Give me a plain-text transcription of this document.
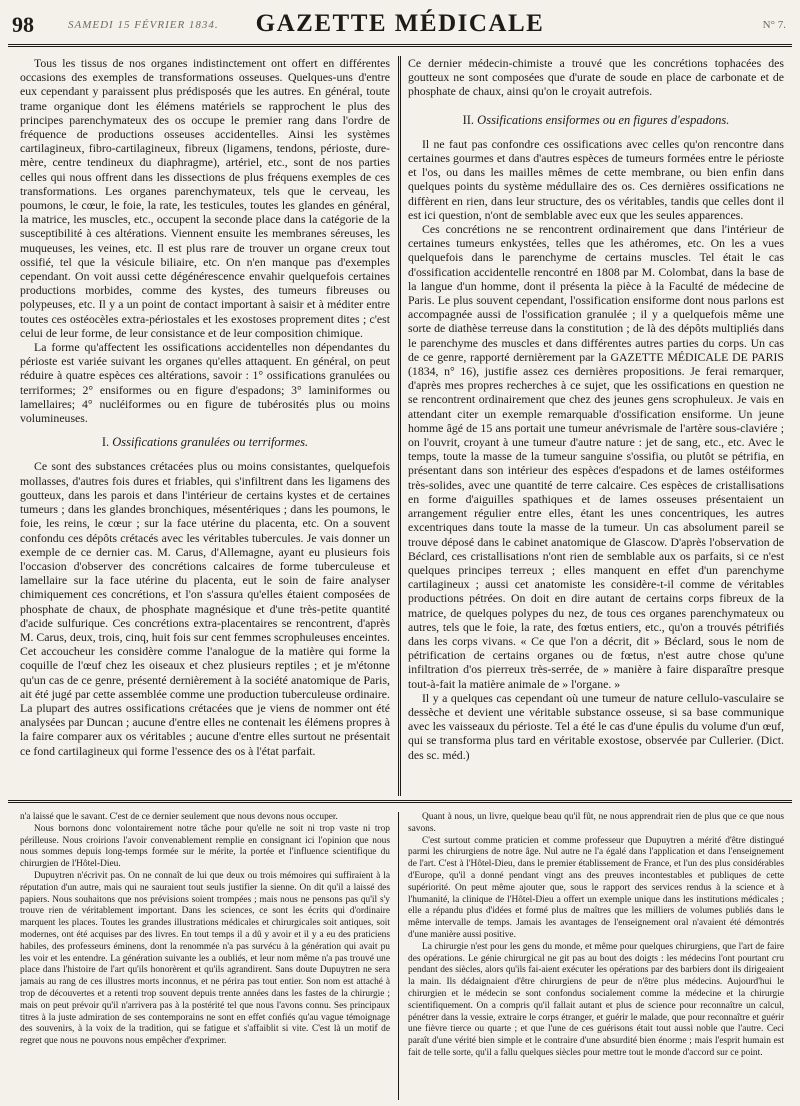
98	SAMEDI 15 FÉVRIER 1834.	GAZETTE MÉDICALE	N° 7.

Tous les tissus de nos organes indistinctement ont offert en différentes occasions des exemples de transformations osseuses. Quelques-uns d'entre eux cependant y paraissent plus prédisposés que les autres. En général, toute trame organique dont les élémens matériels se rapprochent le plus des principes parenchymateux des os occupe le premier rang dans l'ordre de fréquence de productions osseuses accidentelles. Ainsi les systèmes cartilagineux, fibro-cartilagineux, fibreux (ligamens, tendons, périoste, dure-mère, centre tendineux du diaphragme), artériel, etc., sont de nos parties celles qui nous offrent dans les dissections de plus fréquens exemples de ces transformations. Les organes parenchymateux, tels que le cerveau, les poumons, le cœur, le foie, la rate, les testicules, toutes les glandes en général, la matrice, les muscles, etc., occupent la seconde place dans la catégorie de la susceptibilité à ces altérations. Viennent ensuite les membranes séreuses, les muqueuses, les veines, etc. Il est plus rare de trouver un organe creux tout ossifié, tel que la vésicule biliaire, etc. On n'en manque pas d'exemples cependant. On voit aussi cette dégénérescence envahir quelquefois certaines productions morbides, comme des kystes, des tumeurs fibreuses ou polypeuses, etc. Il y a un point de contact important à saisir et à méditer entre toutes ces ostéocèles extra-périostales et les exostoses proprement dites ; c'est celui de leur forme, de leur consistance et de leur composition chimique.

La forme qu'affectent les ossifications accidentelles non dépendantes du périoste est variée suivant les organes qu'elles attaquent. En général, on peut réduire à quatre espèces ces altérations, savoir : 1° ossifications granulées ou terriformes; 2° ensiformes ou en figure d'espadons; 3° laminiformes ou lamellaires; 4° nucléiformes ou en figure de tubérosités plus ou moins volumineuses.

I. Ossifications granulées ou terriformes.

Ce sont des substances crétacées plus ou moins consistantes, quelquefois mollasses, d'autres fois dures et friables, qui s'infiltrent dans les ligamens des goutteux, dans les parois et dans l'intérieur de certains kystes et de certaines tumeurs ; dans les glandes bronchiques, mésentériques ; dans les poumons, le foie, les reins, le cœur ; sur la face utérine du placenta, etc. On a souvent confondu ces dépôts crétacés avec les véritables tubercules. Je vais donner un exemple de ce dernier cas. M. Carus, d'Allemagne, ayant eu plusieurs fois l'occasion d'observer des concrétions calcaires de forme tuberculeuse et lamellaire sur la face utérine du placenta, eut le soin de faire analyser chimiquement ces concrétions, et l'on s'assura qu'elles étaient composées de phosphate de chaux, de phosphate magnésique et d'une très-petite quantité d'acide sulfurique. Ces concrétions extra-placentaires se rencontrent, d'après M. Carus, deux, trois, cinq, huit fois sur cent femmes scrophuleuses enceintes. Cet accoucheur les considère comme l'analogue de la matière qui forme la coquille de l'œuf chez les oiseaux et chez plusieurs reptiles ; et je m'étonne qu'un cas de ce genre, présenté dernièrement à la société anatomique de Paris, ait été jugé par cette assemblée comme une production tuberculeuse ordinaire. La plupart des autres ossifications crétacées que je viens de nommer ont été analysées par Duncan ; aucune d'entre elles ne contenait les élémens propres à la faire comparer aux os véritables ; aucune d'entre elles surtout ne présentait ce fond cartilagineux qui forme l'essence des os à l'état parfait.

Ce dernier médecin-chimiste a trouvé que les concrétions tophacées des goutteux ne sont composées que d'urate de soude en place de carbonate et de phosphate de chaux, ainsi qu'on le croyait autrefois.

II. Ossifications ensiformes ou en figures d'espadons.

Il ne faut pas confondre ces ossifications avec celles qu'on rencontre dans certaines gourmes et dans d'autres espèces de tumeurs formées entre le périoste et l'os, ou dans les mailles mêmes de cette membrane, ou bien enfin dans quelques points du système médullaire des os. Ces dernières ossifications ne diffèrent en rien, dans leur structure, des os véritables, tandis que celles dont il est ici question, n'ont de semblable avec eux que les seules apparences.

Ces concrétions ne se rencontrent ordinairement que dans l'intérieur de certaines tumeurs enkystées, telles que les athéromes, etc. On les a vues quelquefois dans le parenchyme de certains muscles. Tel était le cas d'ossification accidentelle rencontré en 1808 par M. Colombat, dans la base de la langue d'un homme, dont il présenta la pièce à la Faculté de médecine de Paris. Le plus souvent cependant, l'ossification ensiforme dont nous parlons est accompagnée aussi de l'ossification granulée ; il y a quelquefois même une sorte de diathèse terreuse dans la constitution ; de là des dépôts multipliés dans le parenchyme des muscles et dans différentes autres parties du corps. Un cas de ce genre, rapporté dernièrement par la GAZETTE MÉDICALE DE PARIS (1834, n° 16), justifie assez ces dernières propositions. Je ferai remarquer, d'après mes propres recherches à ce sujet, que les ossifications en question ne se rencontrent ordinairement que chez des jeunes gens scrophuleux. Je vais en attendant citer un exemple remarquable d'ossification ensiforme. Un jeune homme âgé de 15 ans portait une tumeur anévrismale de l'artère sous-claviére ; on l'ouvrit, croyant à une tumeur d'autre nature : jet de sang, etc., etc. Avec le temps, toute la masse de la tumeur sanguine s'ossifia, ou plutôt se pétrifia, en présentant dans son intérieur des espèces d'espadons et de lames ostéiformes très-solides, avec une quantité de terre calcaire. Ces espèces de cristallisations en forme d'aiguilles spathiques et de lames osseuses présentaient un arrangement régulier entre elles, étant les unes concentriques, les autres excentriques dans toute la masse de la tumeur. Un cas absolument pareil se trouve déposé dans le cabinet anatomique de Glascow. D'après l'observation de Béclard, ces cristallisations n'ont rien de semblable aux os parfaits, si ce n'est quelques principes terreux ; elles manquent en effet d'un parenchyme cartilagineux ; aussi cet anatomiste les considère-t-il comme de véritables productions pétrées. On doit en dire autant de certains corps fibreux de la matrice, de quelques polypes du nez, de tous ces organes parenchymateux ou autres, tels que le foie, la rate, des fœtus entiers, etc., qu'on a trouvés pétrifiés dans les corps vivans. « Ce que l'on a décrit, dit » Béclard, sous le nom de pétrification de certains organes ou de fœtus, n'est autre chose qu'une infiltration d'os pierreux très-serrée, de » manière à faire disparaître presque tout-à-fait la matière animale de » l'organe. »

Il y a quelques cas cependant où une tumeur de nature cellulo-vasculaire se dessèche et devient une véritable substance osseuse, si sa base communique avec les vaisseaux du périoste. Tel a été le cas d'une épulis du volume d'un œuf, qui se transforma plus tard en véritable exostose, observée par Cullerier. (Dict. des sc. méd.)

n'a laissé que le savant. C'est de ce dernier seulement que nous devons nous occuper.

Nous bornons donc volontairement notre tâche pour qu'elle ne soit ni trop vaste ni trop périlleuse. Nous croirions l'avoir convenablement remplie en consignant ici l'opinion que nous nous sommes depuis long-temps formée sur le mérite, la portée et l'influence scientifique du chirurgien de l'Hôtel-Dieu.

Dupuytren n'écrivit pas. On ne connaît de lui que deux ou trois mémoires qui suffiraient à la réputation d'un autre, mais qui ne sauraient tout seuls justifier la sienne. On dit qu'il a laissé des papiers. Nous souhaitons que nos prévisions soient trompées ; mais nous ne pensons pas qu'il s'y trouve rien de véritablement important. Dans les sciences, ce sont les écrits qui d'ordinaire marquent les places. Toutes les grandes illustrations médicales et chirurgicales soit antiques, soit modernes, ont été acquises par des livres. En tout temps il a dû y avoir et il y a eu des praticiens habiles, des professeurs éminens, dont la renommée n'a pas survécu à la génération qui avait pu les voir et les entendre. La génération suivante les a oubliés, et leur nom même n'a pas trouvé une place dans l'histoire de l'art qu'ils honorèrent et qu'ils agrandirent. Sans doute Dupuytren ne sera jamais au rang de ces illustres morts inconnus, et ne périra pas tout entier. Son nom est attaché à trop de découvertes et a retenti trop souvent depuis trente années dans les fastes de la chirurgie ; mais on peut prévoir qu'il n'arrivera pas à la postérité tel que nous l'avons connu. Ses principaux titres à la juste admiration de ses contemporains ne sont en effet confiés qu'au vague témoignage des souvenirs, à la voix de la tradition, qui se fatigue et s'affaiblit si vite. C'est là un motif de regret que nous ne pouvons nous empêcher d'exprimer.

Quant à nous, un livre, quelque beau qu'il fût, ne nous apprendrait rien de plus que ce que nous savons.

C'est surtout comme praticien et comme professeur que Dupuytren a mérité d'être distingué parmi les chirurgiens de notre âge. Nul autre ne l'a égalé dans l'application et dans l'enseignement de l'art. C'est à l'Hôtel-Dieu, dans le premier établissement de France, et l'un des plus considérables d'Europe, qu'il a donné pendant vingt ans des preuves incontestables et publiques de cette supériorité. On peut même ajouter que, sous le rapport des services rendus à la science et à l'humanité, la clinique de l'Hôtel-Dieu a offert un exemple unique dans les institutions médicales ; elle a répandu plus d'idées et formé plus de maîtres que les milliers de volumes publiés dans le même intervalle de temps. Jamais les avantages de l'enseignement oral n'avaient été démontrés d'une manière aussi positive.

La chirurgie n'est pour les gens du monde, et même pour quelques chirurgiens, que l'art de faire des opérations. Le génie chirurgical ne git pas au bout des doigts : les médecins l'ont pourtant cru pendant des siècles, alors qu'ils fai-aient exécuter les opérations par des barbiers dont ils dirigeaient la main. Ils dédaignaient d'être chirurgiens de peur de n'être plus médecins. Aujourd'hui le chirurgien et le médecin se sont confondus socialement comme la médecine et la chirurgie scientifiquement. On a compris qu'il fallait autant et plus de science pour reconnaître un calcul, pénétrer dans la vessie, extraire le corps étranger, et guérir le malade, que pour reconnaître et guérir une fièvre tierce ou quarte ; et que l'une de ces guérisons était tout aussi noble que l'autre. Ceci paraît d'une vérité bien simple et le contraire d'une absurdité bien énorme ; mais l'esprit humain est fait de telle sorte, qu'il a fallu quelques siècles pour mettre tout le monde d'accord sur ce point.
